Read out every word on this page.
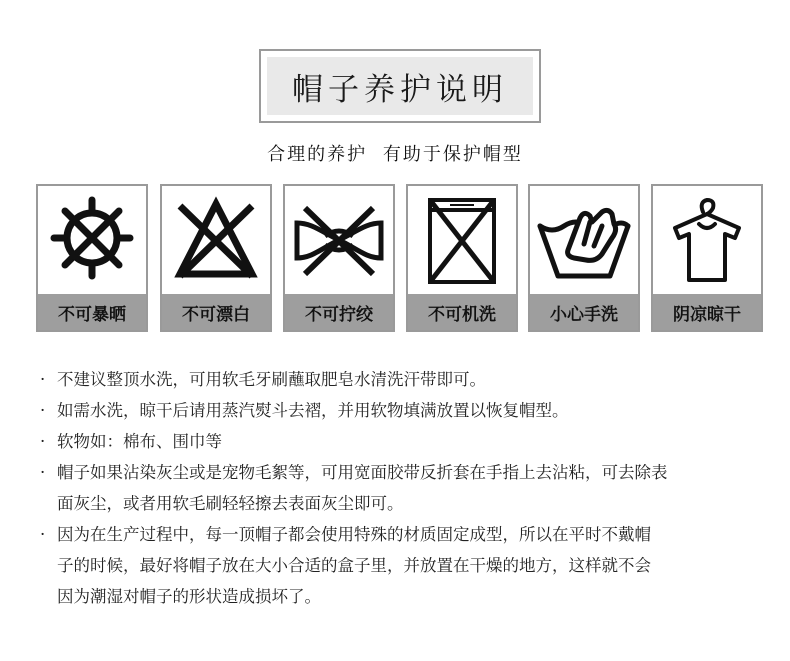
帽子养护说明
合理的养护 有助于保护帽型
不可暴晒	不可漂白	不可拧绞	不可机洗	小心手洗	阴凉晾干
· 不建议整顶水洗，可用软毛牙刷蘸取肥皂水清洗汗带即可。
· 如需水洗，晾干后请用蒸汽熨斗去褶，并用软物填满放置以恢复帽型。
· 软物如：棉布、围巾等
· 帽子如果沾染灰尘或是宠物毛絮等，可用宽面胶带反折套在手指上去沾粘，可去除表
面灰尘，或者用软毛刷轻轻擦去表面灰尘即可。
· 因为在生产过程中，每一顶帽子都会使用特殊的材质固定成型，所以在平时不戴帽
子的时候，最好将帽子放在大小合适的盒子里，并放置在干燥的地方，这样就不会
因为潮湿对帽子的形状造成损坏了。
